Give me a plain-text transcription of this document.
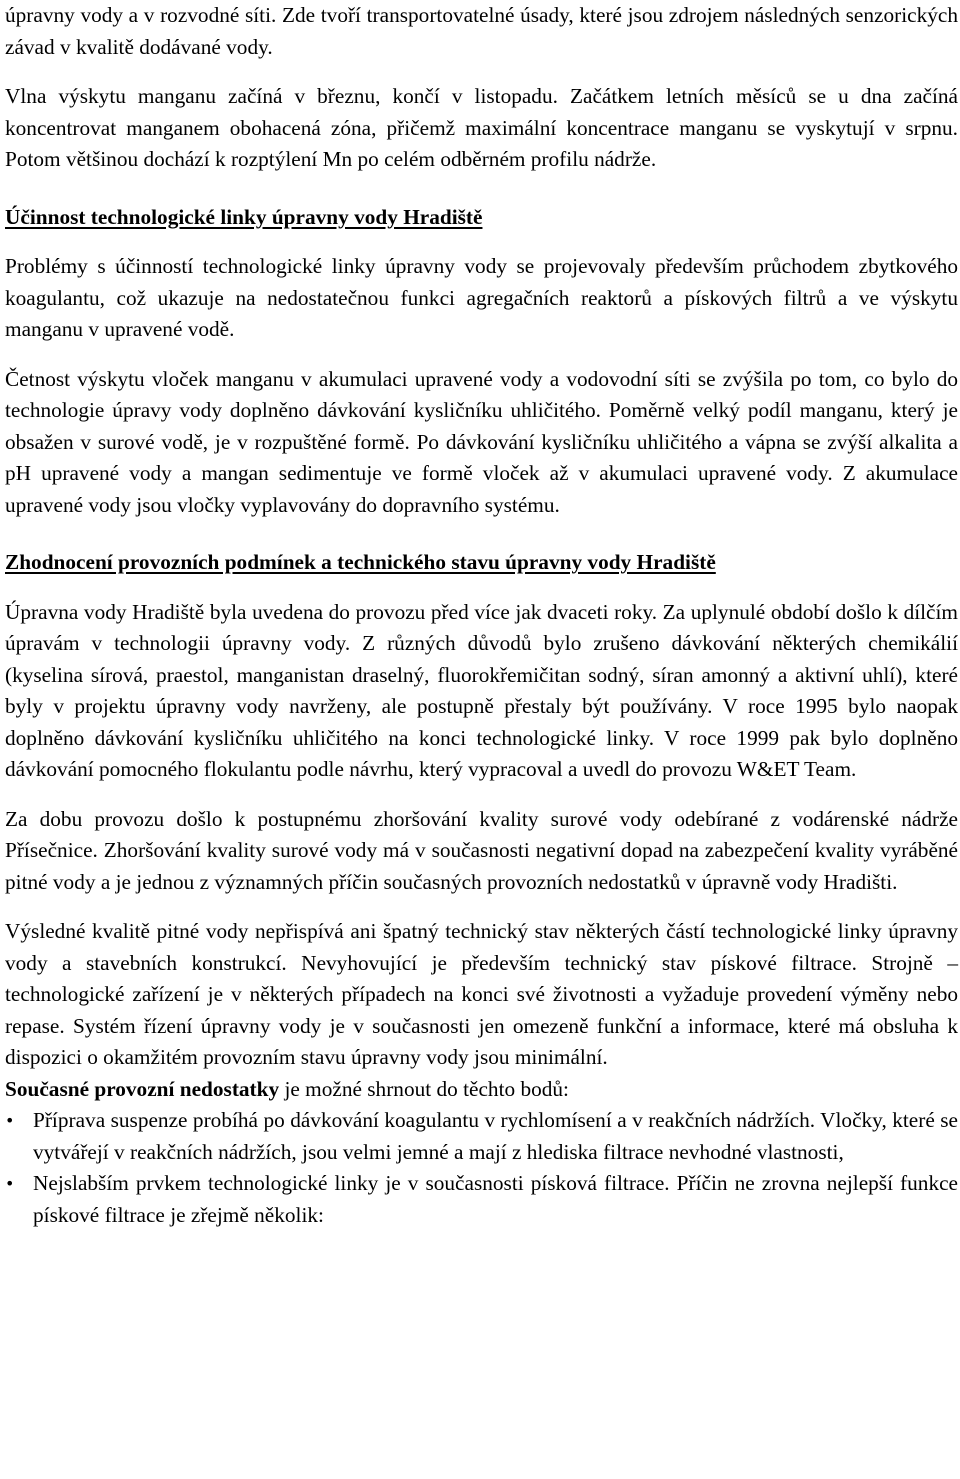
úpravny vody a v rozvodné síti. Zde tvoří transportovatelné úsady, které jsou zdrojem následných senzorických závad v kvalitě dodávané vody.

Vlna výskytu manganu začíná v březnu, končí v listopadu. Začátkem letních měsíců se u dna začíná koncentrovat manganem obohacená zóna, přičemž maximální koncentrace manganu se vyskytují v srpnu. Potom většinou dochází k rozptýlení Mn po celém odběrném profilu nádrže.

Účinnost technologické linky úpravny vody Hradiště

Problémy s účinností technologické linky úpravny vody se projevovaly především průchodem zbytkového koagulantu, což ukazuje na nedostatečnou funkci agregačních reaktorů a pískových filtrů a ve výskytu manganu v upravené vodě.

Četnost výskytu vloček manganu v akumulaci upravené vody a vodovodní síti se zvýšila po tom, co bylo do technologie úpravy vody doplněno dávkování kysličníku uhličitého. Poměrně velký podíl manganu, který je obsažen v surové vodě, je v rozpuštěné formě. Po dávkování kysličníku uhličitého a vápna se zvýší alkalita a pH upravené vody a mangan sedimentuje ve formě vloček až v akumulaci upravené vody. Z akumulace upravené vody jsou vločky vyplavovány do dopravního systému.

Zhodnocení provozních podmínek a technického stavu úpravny vody Hradiště

Úpravna vody Hradiště byla uvedena do provozu před více jak dvaceti roky. Za uplynulé období došlo k dílčím úpravám v technologii úpravny vody. Z různých důvodů bylo zrušeno dávkování některých chemikálií (kyselina sírová, praestol, manganistan draselný, fluorokřemičitan sodný, síran amonný a aktivní uhlí), které byly v projektu úpravny vody navrženy, ale postupně přestaly být používány. V roce 1995 bylo naopak doplněno dávkování kysličníku uhličitého na konci technologické linky. V roce 1999 pak bylo doplněno dávkování pomocného flokulantu podle návrhu, který vypracoval a uvedl do provozu W&ET Team.

Za dobu provozu došlo k postupnému zhoršování kvality surové vody odebírané z vodárenské nádrže Přísečnice. Zhoršování kvality surové vody má v současnosti negativní dopad na zabezpečení kvality vyráběné pitné vody a je jednou z významných příčin současných provozních nedostatků v úpravně vody Hradišti.

Výsledné kvalitě pitné vody nepřispívá ani špatný technický stav některých částí technologické linky úpravny vody a stavebních konstrukcí. Nevyhovující je především technický stav pískové filtrace. Strojně – technologické zařízení je v některých případech na konci své životnosti a vyžaduje provedení výměny nebo repase. Systém řízení úpravny vody je v současnosti jen omezeně funkční a informace, které má obsluha k dispozici o okamžitém provozním stavu úpravny vody jsou minimální.

Současné provozní nedostatky je možné shrnout do těchto bodů:

• Příprava suspenze probíhá po dávkování koagulantu v rychlomísení a v reakčních nádržích. Vločky, které se vytvářejí v reakčních nádržích, jsou velmi jemné a mají z hlediska filtrace nevhodné vlastnosti,
• Nejslabším prvkem technologické linky je v současnosti písková filtrace. Příčin ne zrovna nejlepší funkce pískové filtrace je zřejmě několik:
